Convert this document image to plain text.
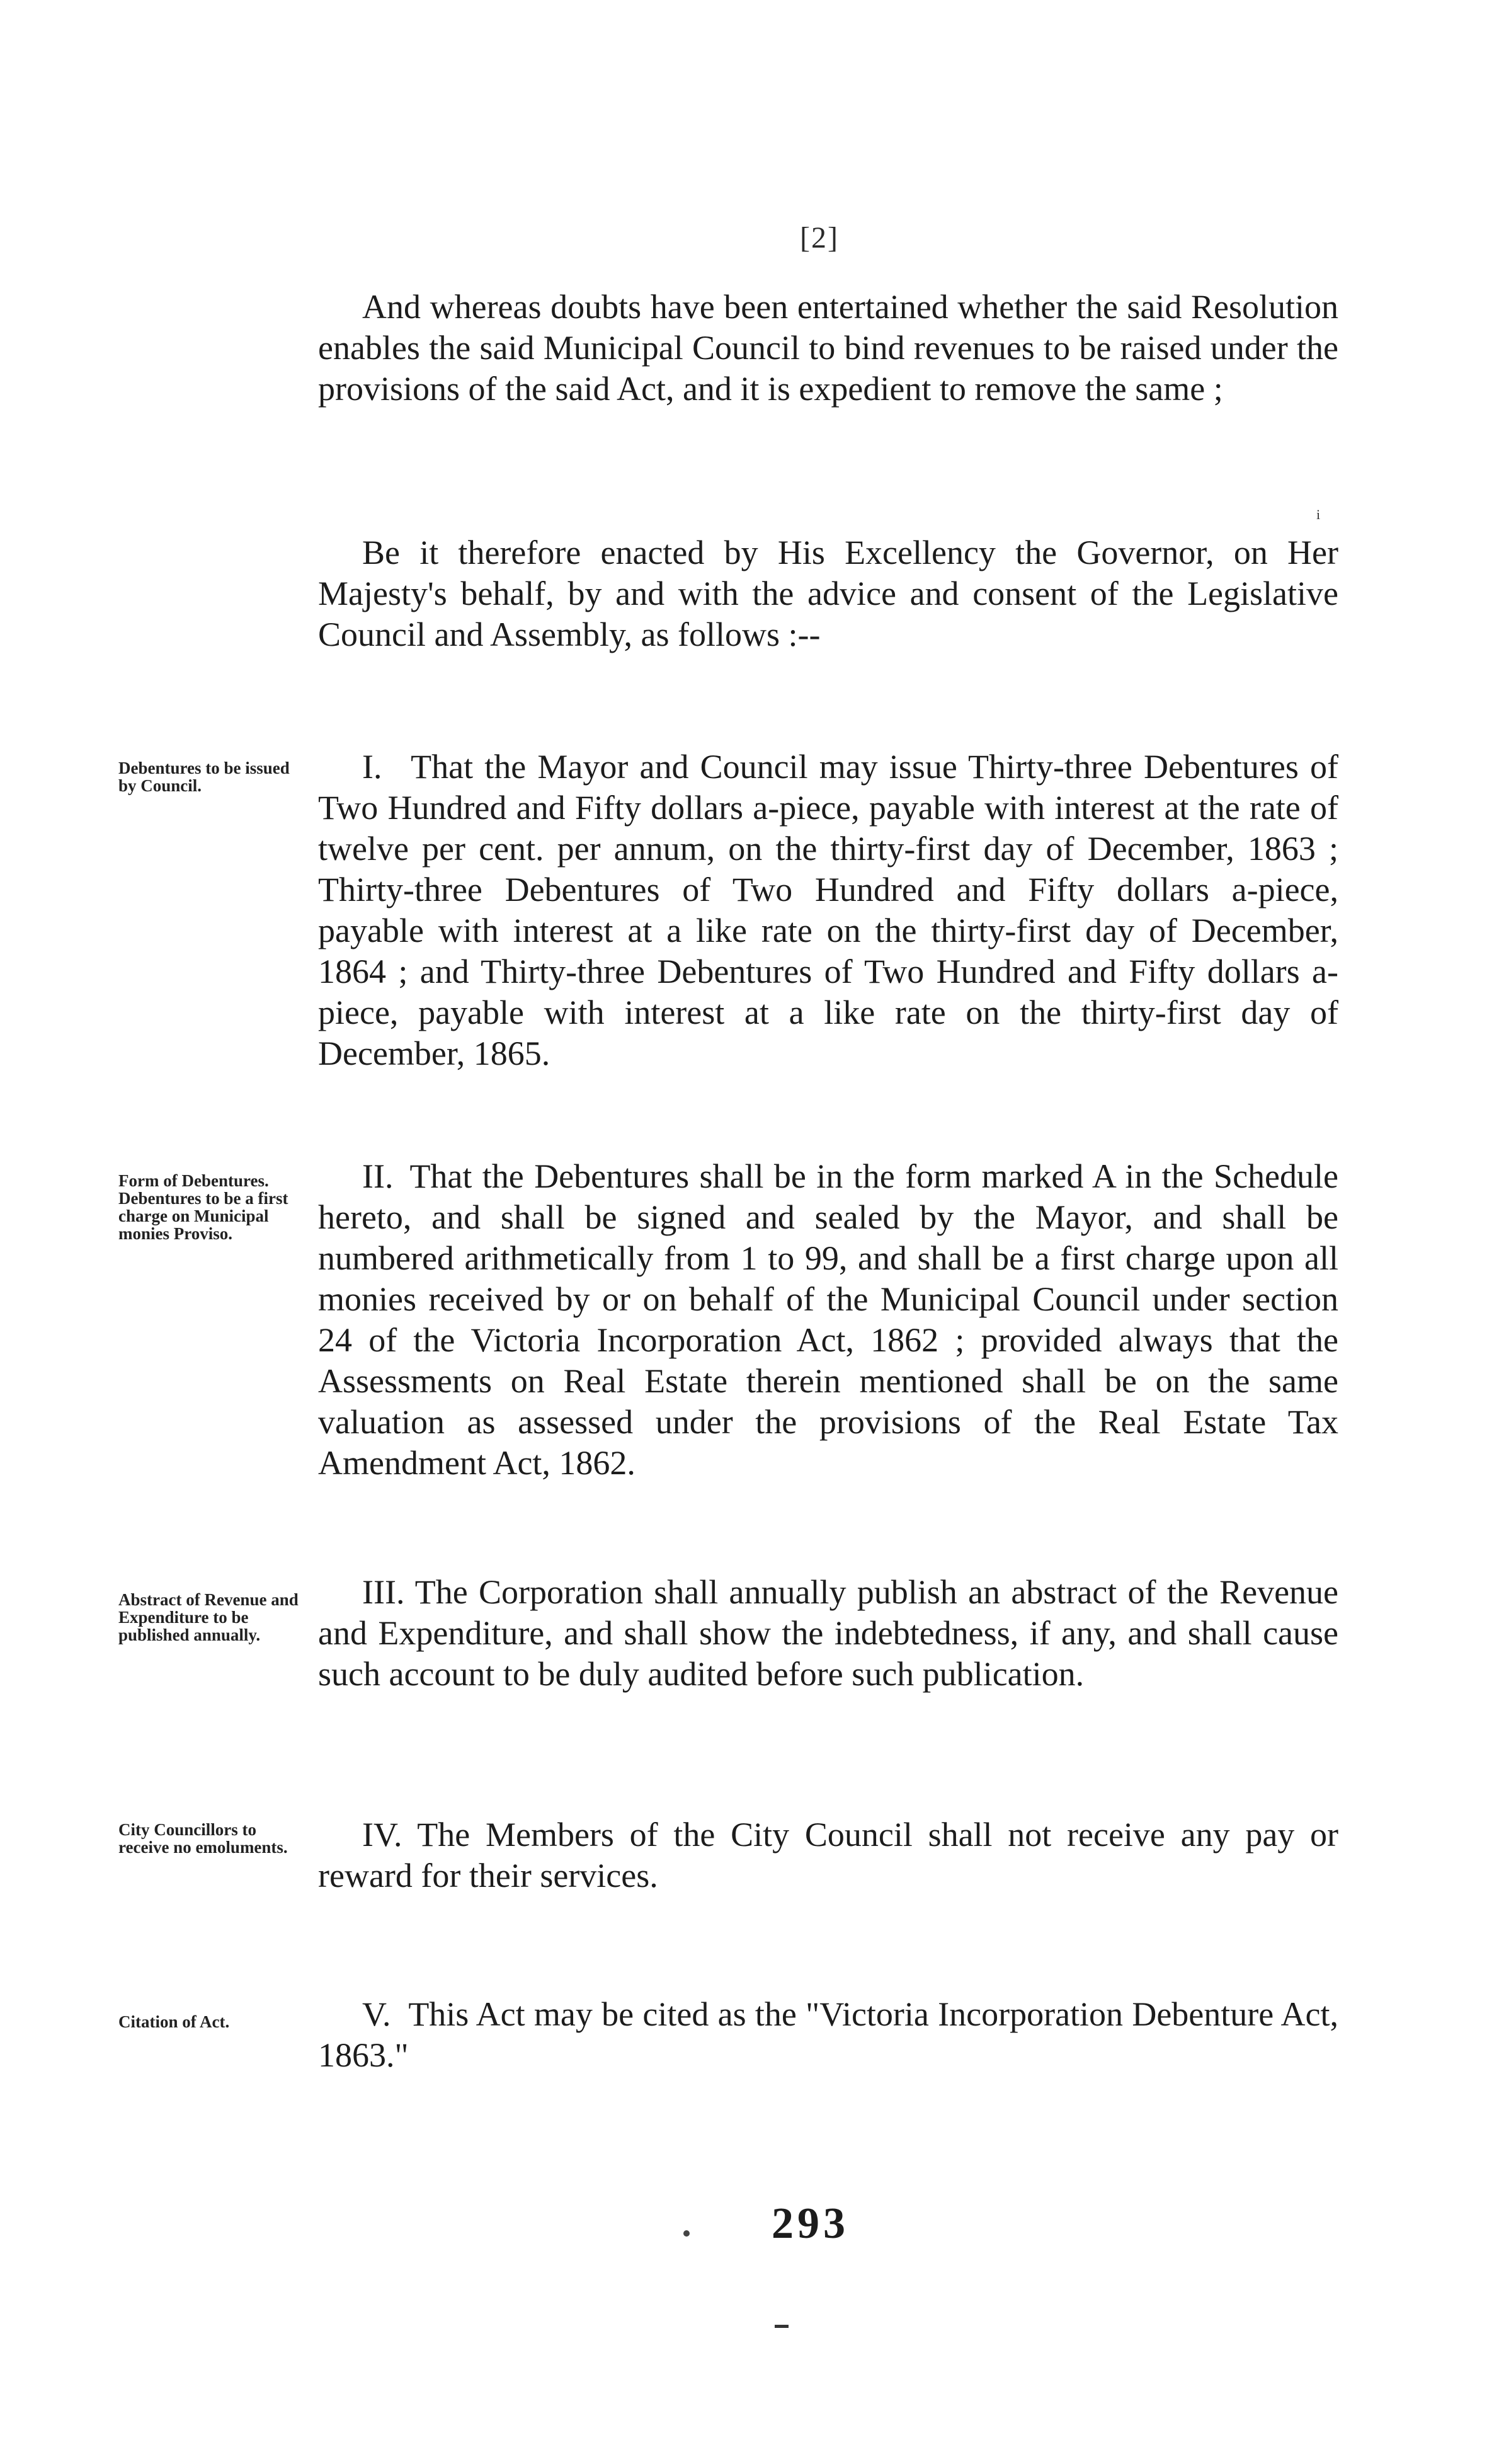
[2]

And whereas doubts have been entertained whether the said Resolution enables the said Municipal Council to bind revenues to be raised under the provisions of the said Act, and it is expedient to remove the same ;

i

Be it therefore enacted by His Excellency the Governor, on Her Majesty's behalf, by and with the advice and consent of the Legislative Council and Assembly, as follows :--

Debentures to be issued by Council.	I. That the Mayor and Council may issue Thirty-three Debentures of Two Hundred and Fifty dollars a-piece, payable with interest at the rate of twelve per cent. per annum, on the thirty-first day of December, 1863 ; Thirty-three Debentures of Two Hundred and Fifty dollars a-piece, payable with interest at a like rate on the thirty-first day of December, 1864 ; and Thirty-three Debentures of Two Hundred and Fifty dollars a-piece, payable with interest at a like rate on the thirty-first day of December, 1865.

Form of Debentures. Debentures to be a first charge on Municipal monies Proviso.

II. That the Debentures shall be in the form marked A in the Schedule hereto, and shall be signed and sealed by the Mayor, and shall be numbered arithmetically from 1 to 99, and shall be a first charge upon all monies received by or on behalf of the Municipal Council under section 24 of the Victoria Incorporation Act, 1862 ; provided always that the Assessments on Real Estate therein mentioned shall be on the same valuation as assessed under the provisions of the Real Estate Tax Amendment Act, 1862.

Abstract of Revenue and Expenditure to be published annually.

III. The Corporation shall annually publish an abstract of the Revenue and Expenditure, and shall show the indebtedness, if any, and shall cause such account to be duly audited before such publication.

City Councillors to receive no emoluments.	IV. The Members of the City Council shall not receive any pay or reward for their services.

Citation of Act.	V. This Act may be cited as the "Victoria Incorporation Debenture Act, 1863."

293
